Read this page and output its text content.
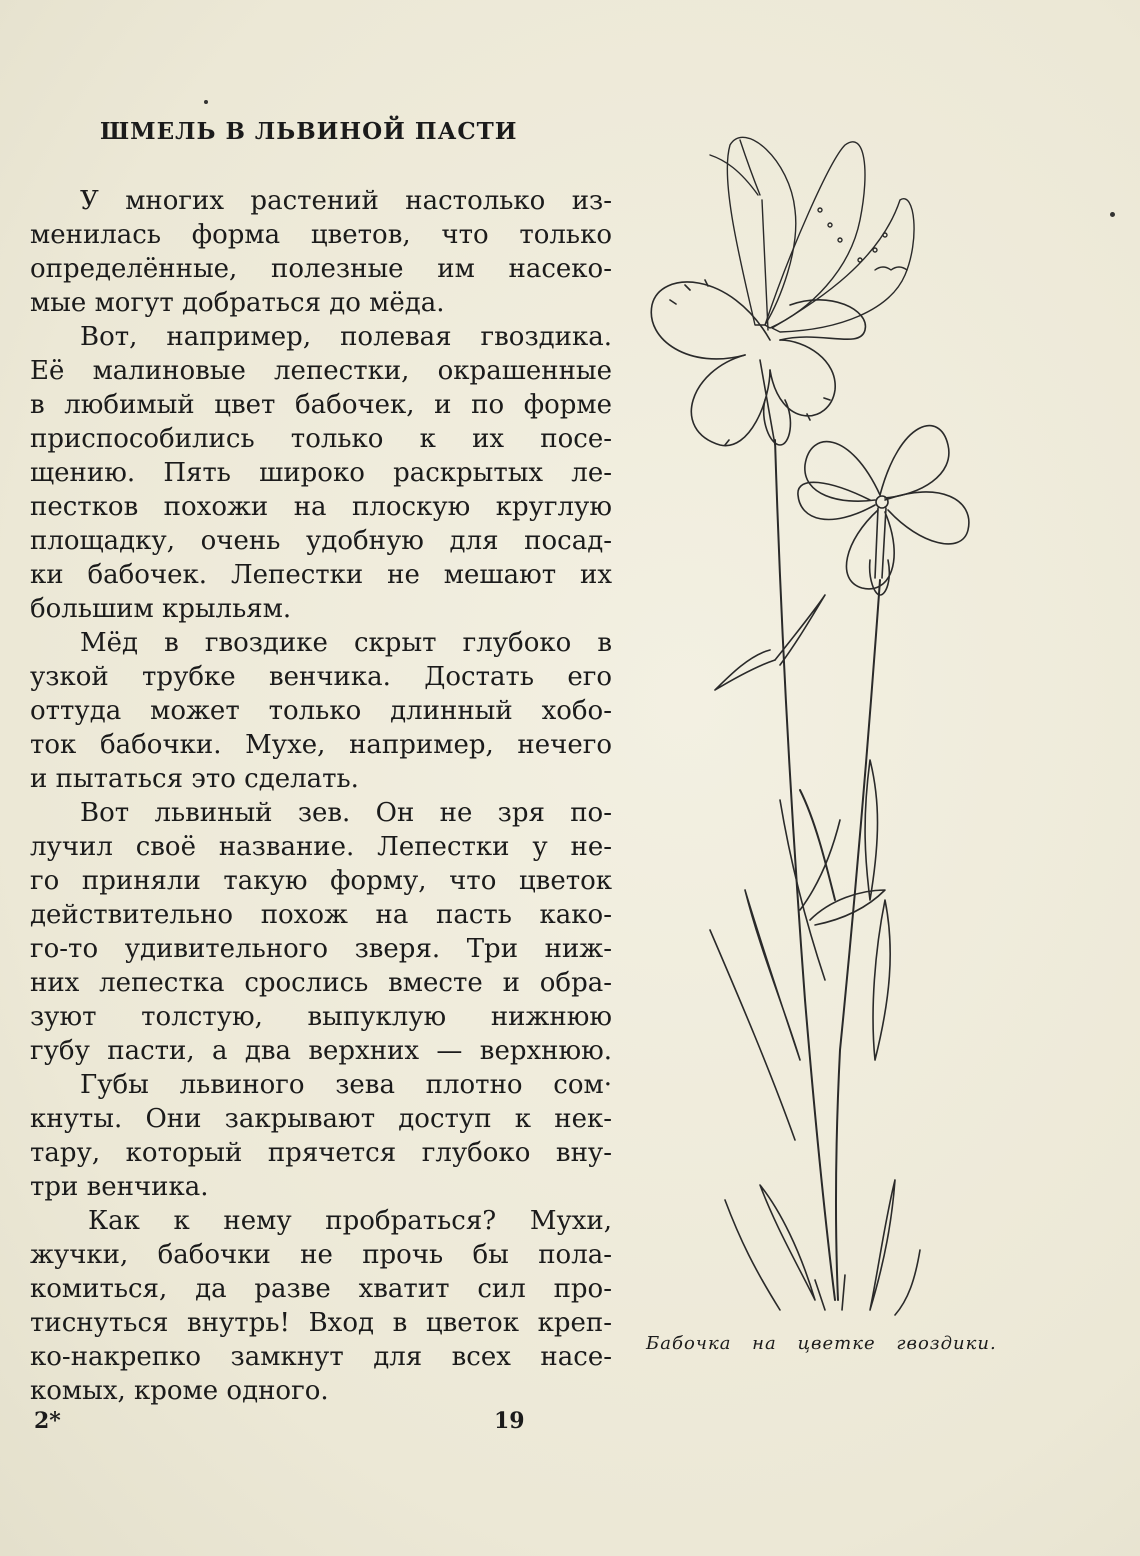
ШМЕЛЬ В ЛЬВИНОЙ ПАСТИ
У многих растений настолько из-
менилась форма цветов, что только
определённые, полезные им насеко-
мые могут добраться до мёда.
Вот, например, полевая гвоздика.
Её малиновые лепестки, окрашенные
в любимый цвет бабочек, и по форме
приспособились только к их посе-
щению. Пять широко раскрытых ле-
пестков похожи на плоскую круглую
площадку, очень удобную для посад-
ки бабочек. Лепестки не мешают их
большим крыльям.
Мёд в гвоздике скрыт глубоко в
узкой трубке венчика. Достать его
оттуда может только длинный хобо-
ток бабочки. Мухе, например, нечего
и пытаться это сделать.
Вот львиный зев. Он не зря по-
лучил своё название. Лепестки у не-
го приняли такую форму, что цветок
действительно похож на пасть како-
го-то удивительного зверя. Три ниж-
них лепестка срослись вместе и обра-
зуют толстую, выпуклую нижнюю
губу пасти, а два верхних — верхнюю.
Губы львиного зева плотно сом·
кнуты. Они закрывают доступ к нек-
тару, который прячется глубоко вну-
три венчика.
Как к нему пробраться? Мухи,
жучки, бабочки не прочь бы пола-
комиться, да разве хватит сил про-
тиснуться внутрь! Вход в цветок креп-
ко-накрепко замкнут для всех насе-
комых, кроме одного.
Бабочка на цветке гвоздики.
2*	19
